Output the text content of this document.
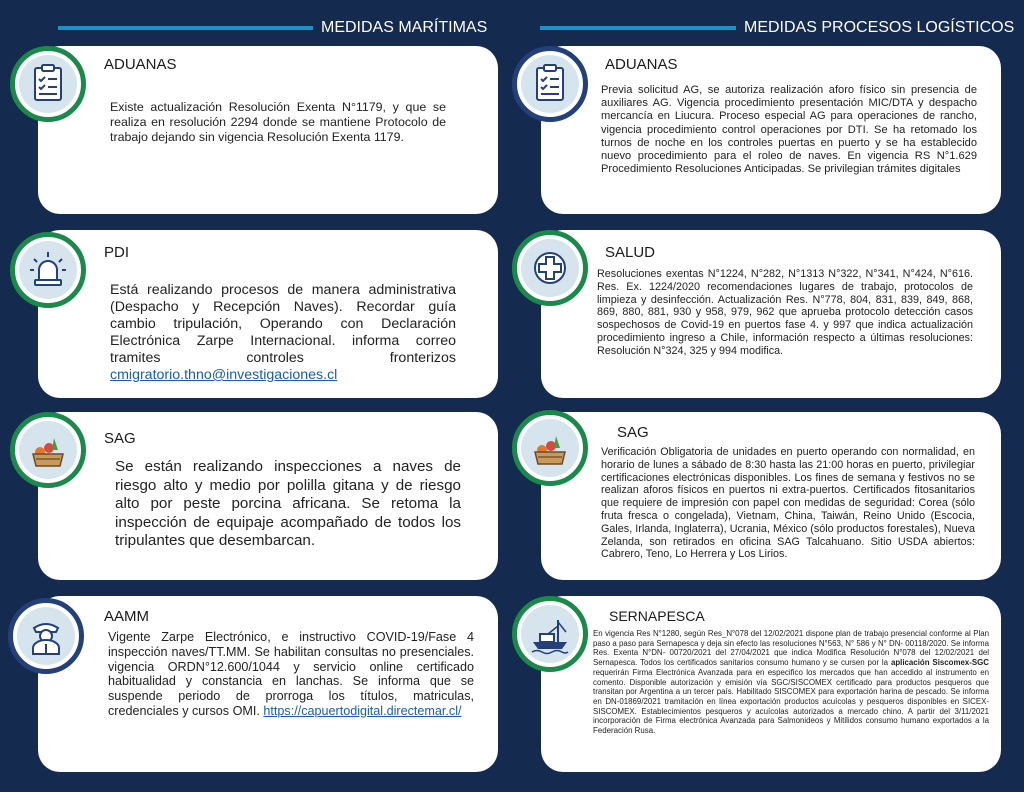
MEDIDAS MARÍTIMAS	MEDIDAS PROCESOS LOGÍSTICOS
ADUANAS
Existe actualización Resolución Exenta N°1179, y que se realiza en resolución 2294 donde se mantiene Protocolo de trabajo dejando sin vigencia Resolución Exenta 1179.
PDI
Está realizando procesos de manera administrativa (Despacho y Recepción Naves). Recordar guía cambio tripulación, Operando con Declaración Electrónica Zarpe Internacional. informa correo tramites controles fronterizos cmigratorio.thno@investigaciones.cl
SAG
Se están realizando inspecciones a naves de riesgo alto y medio por polilla gitana y de riesgo alto por peste porcina africana. Se retoma la inspección de equipaje acompañado de todos los tripulantes que desembarcan.
AAMM
Vigente Zarpe Electrónico, e instructivo COVID-19/Fase 4 inspección naves/TT.MM. Se habilitan consultas no presenciales. vigencia ORDN°12.600/1044 y servicio online certificado habitualidad y constancia en lanchas. Se informa que se suspende periodo de prorroga los títulos, matriculas, credenciales y cursos OMI. https://capuertodigital.directemar.cl/
ADUANAS
Previa solicitud AG, se autoriza realización aforo físico sin presencia de auxiliares AG. Vigencia procedimiento presentación MIC/DTA y despacho mercancía en Liucura. Proceso especial AG para operaciones de rancho, vigencia procedimiento control operaciones por DTI. Se ha retomado los turnos de noche en los controles puertas en puerto y se ha establecido nuevo procedimiento para el roleo de naves. En vigencia RS N°1.629 Procedimiento Resoluciones Anticipadas. Se privilegian trámites digitales
SALUD
Resoluciones exentas N°1224, N°282, N°1313 N°322, N°341, N°424, N°616. Res. Ex. 1224/2020 recomendaciones lugares de trabajo, protocolos de limpieza y desinfección. Actualización Res. N°778, 804, 831, 839, 849, 868, 869, 880, 881, 930 y 958, 979, 962 que aprueba protocolo detección casos sospechosos de Covid-19 en puertos fase 4. y 997 que indica actualización procedimiento ingreso a Chile, información respecto a últimas resoluciones: Resolución N°324, 325 y 994 modifica.
SAG
Verificación Obligatoria de unidades en puerto operando con normalidad, en horario de lunes a sábado de 8:30 hasta las 21:00 horas en puerto, privilegiar certificaciones electrónicas disponibles. Los fines de semana y festivos no se realizan aforos físicos en puertos ni extra-puertos. Certificados fitosanitarios que requiere de impresión con papel con medidas de seguridad: Corea (sólo fruta fresca o congelada), Vietnam, China, Taiwán, Reino Unido (Escocia, Gales, Irlanda, Inglaterra), Ucrania, México (sólo productos forestales), Nueva Zelanda, son retirados en oficina SAG Talcahuano. Sitio USDA abiertos: Cabrero, Teno, Lo Herrera y Los Lirios.
SERNAPESCA
En vigencia Res N°1280, según Res_N°078 del 12/02/2021 dispone plan de trabajo presencial conforme al Plan paso a paso para Sernapesca y deja sin efecto las resoluciones N°563, N° 586 y N° DN- 00118/2020. Se informa Res. Exenta N°DN- 00720/2021 del 27/04/2021 que indica Modifica Resolución N°078 del 12/02/2021 del Sernapesca. Todos los certificados sanitarios consumo humano y se cursen por la aplicación Siscomex-SGC requerirán Firma Electrónica Avanzada para en especifico los mercados que han accedido al instrumento en comento. Disponible autorización y emisión vía SGC/SISCOMEX certificado para productos pesqueros que transitan por Argentina a un tercer país. Habilitado SISCOMEX para exportación harina de pescado. Se informa en DN-01869/2021 tramitación en línea exportación productos acuícolas y pesqueros disponibles en SICEX-SISCOMEX. Establecimientos pesqueros y acuícolas autorizados a mercado chino. A partir del 3/11/2021 incorporación de Firma electrónica Avanzada para Salmonideos y Mitilidos consumo humano exportados a la Federación Rusa.
